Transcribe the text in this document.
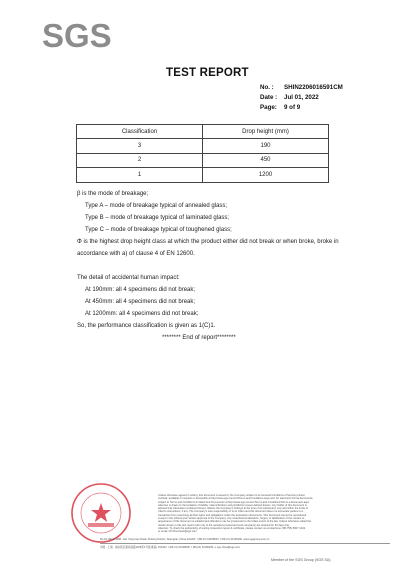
SGS
TEST REPORT
No. : SHIN2206016591CM
Date : Jul 01, 2022
Page: 9 of 9
Classification	Drop height (mm)
3	190
2	450
1	1200
β is the mode of breakage;
Type A – mode of breakage typical of annealed glass;
Type B – mode of breakage typical of laminated glass;
Type C – mode of breakage typical of toughened glass;
Φ is the highest drop height class at which the product either did not break or when broke, broke in
accordance with a) of clause 4 of EN 12600.
The detail of accidental human impact:
At 190mm: all 4 specimens did not break;
At 450mm: all 4 specimens did not break;
At 1200mm: all 4 specimens did not break;
So, the performance classification is given as 1(C)1.
******** End of report********
Unless otherwise agreed in writing, this document is issued by the Company subject to its General Conditions of Service printed
overleaf, available on request or accessible at http://www.sgs.com/en/Terms-and-Conditions.aspx and, for electronic format documents,
subject to Terms and Conditions for Electronic Documents at http://www.sgs.com/en/Terms-and-Conditions/Terms-e-Document.aspx.
Attention is drawn to the limitation of liability, indemnification and jurisdiction issues defined therein. Any holder of this document is
advised that information contained hereon reflects the Company's findings at the time of its intervention only and within the limits of
Client's instructions, if any. The Company's sole responsibility is to its Client and this document does not exonerate parties to a
transaction from exercising all their rights and obligations under the transaction documents. This document cannot be reproduced
except in full, without prior written approval of the Company. Any unauthorized alteration, forgery or falsification of the content or
appearance of this document is unlawful and offenders may be prosecuted to the fullest extent of the law. Unless otherwise stated the
results shown in this test report refer only to the sample(s) tested and such sample(s) are retained for 30 days only.
Attention: To check the authenticity of testing /inspection report & certificate, please contact us at telephone: (86-755) 8307 1443,
or email: CN.Doccheck@sgs.com
No.33, Block 1188, Jian Yang Gao Road, Pudong District, Shanghai, China 201203  t (86-21) 61158000  f (86-21) 61156296  www.sgsgroup.com.cn
中国 · 上海 · 浦东新区建杨高路1188弄1号楼 邮编: 201203  t (86-21) 61158000  f (86-21) 61156296  e sgs.china@sgs.com
Member of the SGS Group (SGS SA)
